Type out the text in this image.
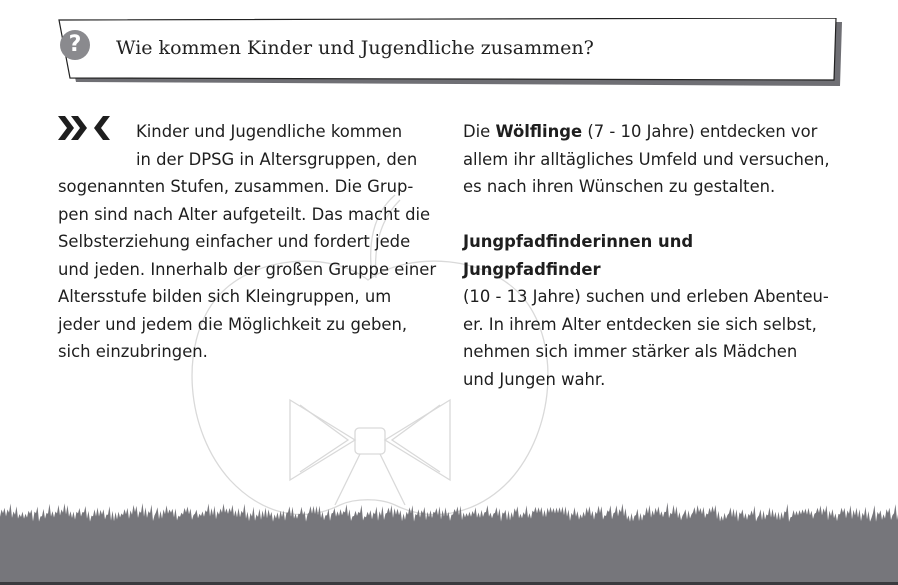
?	Wie kommen Kinder und Jugendliche zusammen?

Kinder und Jugendliche kommen

in der DPSG in Altersgruppen, den

sogenannten Stufen, zusammen. Die Grup-pen sind nach Alter aufgeteilt. Das macht die Selbsterziehung einfacher und fordert jede und jeden. Innerhalb der großen Gruppe einer Altersstufe bilden sich Kleingruppen, um jeder und jedem die Möglichkeit zu geben, sich einzubringen.

Die Wölflinge (7 - 10 Jahre) entdecken vor allem ihr alltägliches Umfeld und versuchen, es nach ihren Wünschen zu gestalten.

Jungpfadfinderinnen und Jungpfadfinder
(10 - 13 Jahre) suchen und erleben Abenteu-er. In ihrem Alter entdecken sie sich selbst, nehmen sich immer stärker als Mädchen und Jungen wahr.
